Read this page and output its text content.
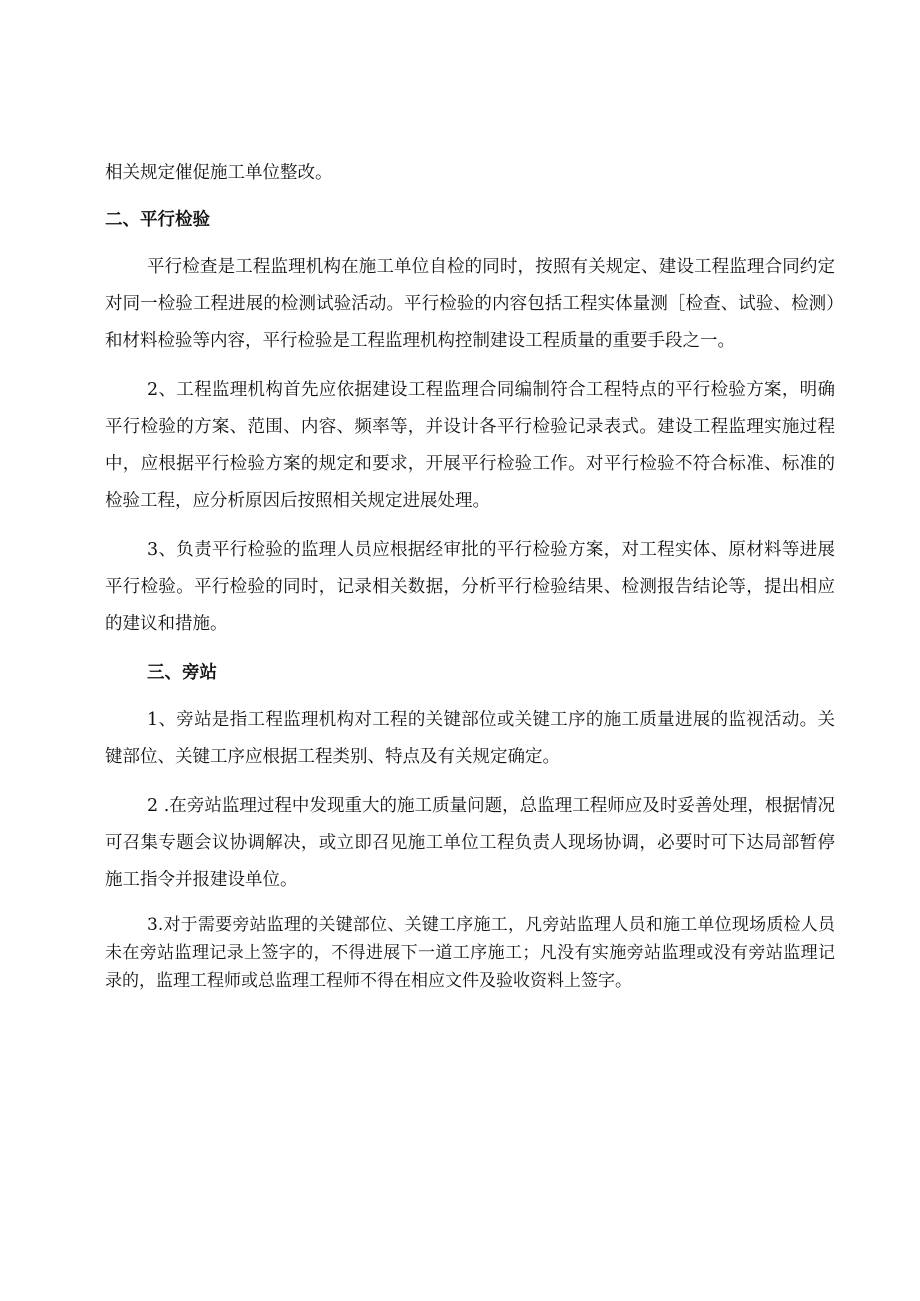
相关规定催促施工单位整改。

二、平行检验

平行检查是工程监理机构在施工单位自检的同时，按照有关规定、建设工程监理合同约定对同一检验工程进展的检测试验活动。平行检验的内容包括工程实体量测［检查、试验、检测）和材料检验等内容，平行检验是工程监理机构控制建设工程质量的重要手段之一。

2、工程监理机构首先应依据建设工程监理合同编制符合工程特点的平行检验方案，明确平行检验的方案、范围、内容、频率等，并设计各平行检验记录表式。建设工程监理实施过程中，应根据平行检验方案的规定和要求，开展平行检验工作。对平行检验不符合标准、标准的检验工程，应分析原因后按照相关规定进展处理。

3、负责平行检验的监理人员应根据经审批的平行检验方案，对工程实体、原材料等进展平行检验。平行检验的同时，记录相关数据，分析平行检验结果、检测报告结论等，提出相应的建议和措施。

三、旁站

1、旁站是指工程监理机构对工程的关键部位或关键工序的施工质量进展的监视活动。关键部位、关键工序应根据工程类别、特点及有关规定确定。

2 .在旁站监理过程中发现重大的施工质量问题，总监理工程师应及时妥善处理，根据情况可召集专题会议协调解决，或立即召见施工单位工程负责人现场协调，必要时可下达局部暂停施工指令并报建设单位。

3.对于需要旁站监理的关键部位、关键工序施工，凡旁站监理人员和施工单位现场质检人员未在旁站监理记录上签字的，不得进展下一道工序施工；凡没有实施旁站监理或没有旁站监理记录的，监理工程师或总监理工程师不得在相应文件及验收资料上签字。
